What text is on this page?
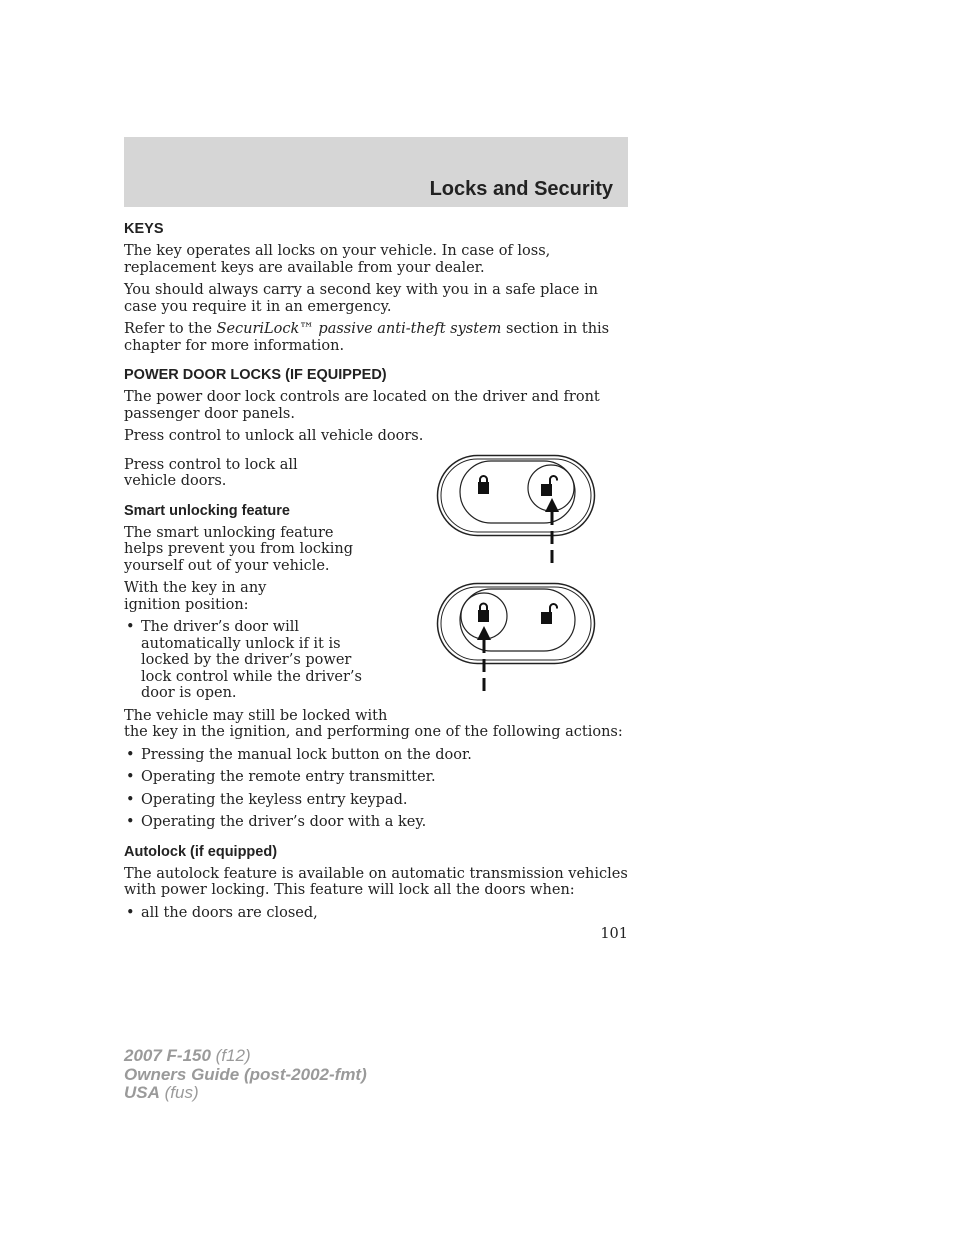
Locks and Security
KEYS

The key operates all locks on your vehicle. In case of loss, replacement keys are available from your dealer.

You should always carry a second key with you in a safe place in case you require it in an emergency.

Refer to the SecuriLock™ passive anti-theft system section in this chapter for more information.

POWER DOOR LOCKS (IF EQUIPPED)

The power door lock controls are located on the driver and front passenger door panels.

Press control to unlock all vehicle doors.

Press control to lock all vehicle doors.

Smart unlocking feature

The smart unlocking feature helps prevent you from locking yourself out of your vehicle.

With the key in any ignition position:

• The driver’s door will automatically unlock if it is locked by the driver’s power lock control while the driver’s door is open.

The vehicle may still be locked with
the key in the ignition, and performing one of the following actions:

• Pressing the manual lock button on the door.
• Operating the remote entry transmitter.
• Operating the keyless entry keypad.
• Operating the driver’s door with a key.
Autolock (if equipped)

The autolock feature is available on automatic transmission vehicles with power locking. This feature will lock all the doors when:

• all the doors are closed,
101
2007 F-150 (f12)
Owners Guide (post-2002-fmt)
USA (fus)
